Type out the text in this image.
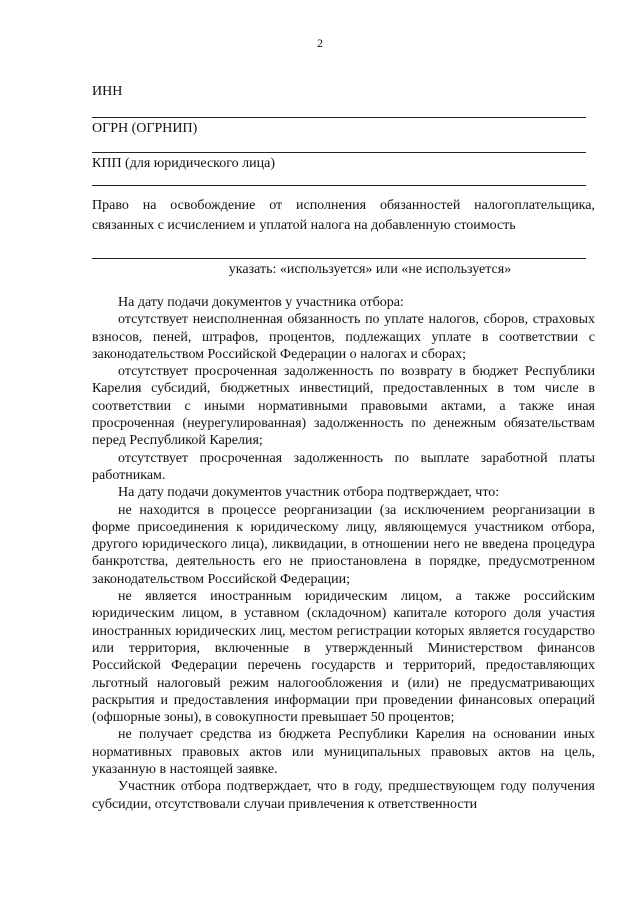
2
ИНН
ОГРН (ОГРНИП)
КПП (для юридического лица)
Право на освобождение от исполнения обязанностей налогоплательщика, связанных с исчислением и уплатой налога на добавленную стоимость
указать: «используется» или «не используется»

На дату подачи документов у участника отбора:

отсутствует неисполненная обязанность по уплате налогов, сборов, страховых взносов, пеней, штрафов, процентов, подлежащих уплате в соответствии с законодательством Российской Федерации о налогах и сборах;

отсутствует просроченная задолженность по возврату в бюджет Республики Карелия субсидий, бюджетных инвестиций, предоставленных в том числе в соответствии с иными нормативными правовыми актами, а также иная просроченная (неурегулированная) задолженность по денежным обязательствам перед Республикой Карелия;

отсутствует просроченная задолженность по выплате заработной платы работникам.

На дату подачи документов участник отбора подтверждает, что:

не находится в процессе реорганизации (за исключением реорганизации в форме присоединения к юридическому лицу, являющемуся участником отбора, другого юридического лица), ликвидации, в отношении него не введена процедура банкротства, деятельность его не приостановлена в порядке, предусмотренном законодательством Российской Федерации;

не является иностранным юридическим лицом, а также российским юридическим лицом, в уставном (складочном) капитале которого доля участия иностранных юридических лиц, местом регистрации которых является государство или территория, включенные в утвержденный Министерством финансов Российской Федерации перечень государств и территорий, предоставляющих льготный налоговый режим налогообложения и (или) не предусматривающих раскрытия и предоставления информации при проведении финансовых операций (офшорные зоны), в совокупности превышает 50 процентов;

не получает средства из бюджета Республики Карелия на основании иных нормативных правовых актов или муниципальных правовых актов на цель, указанную в настоящей заявке.

Участник отбора подтверждает, что в году, предшествующем году получения субсидии, отсутствовали случаи привлечения к ответственности
